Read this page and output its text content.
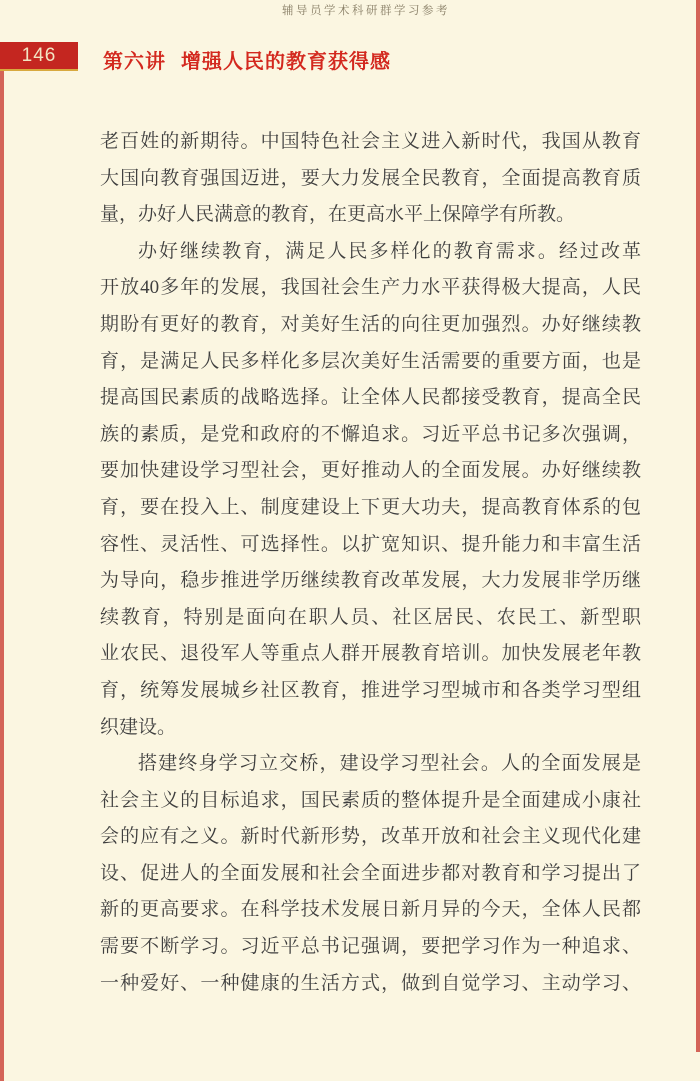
辅导员学术科研群学习参考
146 第六讲 增强人民的教育获得感
老百姓的新期待。中国特色社会主义进入新时代，我国从教育
大国向教育强国迈进，要大力发展全民教育，全面提高教育质
量，办好人民满意的教育，在更高水平上保障学有所教。
办好继续教育，满足人民多样化的教育需求。经过改革
开放40多年的发展，我国社会生产力水平获得极大提高，人民
期盼有更好的教育，对美好生活的向往更加强烈。办好继续教
育，是满足人民多样化多层次美好生活需要的重要方面，也是
提高国民素质的战略选择。让全体人民都接受教育，提高全民
族的素质，是党和政府的不懈追求。习近平总书记多次强调，
要加快建设学习型社会，更好推动人的全面发展。办好继续教
育，要在投入上、制度建设上下更大功夫，提高教育体系的包
容性、灵活性、可选择性。以扩宽知识、提升能力和丰富生活
为导向，稳步推进学历继续教育改革发展，大力发展非学历继
续教育，特别是面向在职人员、社区居民、农民工、新型职
业农民、退役军人等重点人群开展教育培训。加快发展老年教
育，统筹发展城乡社区教育，推进学习型城市和各类学习型组
织建设。
搭建终身学习立交桥，建设学习型社会。人的全面发展是
社会主义的目标追求，国民素质的整体提升是全面建成小康社
会的应有之义。新时代新形势，改革开放和社会主义现代化建
设、促进人的全面发展和社会全面进步都对教育和学习提出了
新的更高要求。在科学技术发展日新月异的今天，全体人民都
需要不断学习。习近平总书记强调，要把学习作为一种追求、
一种爱好、一种健康的生活方式，做到自觉学习、主动学习、
